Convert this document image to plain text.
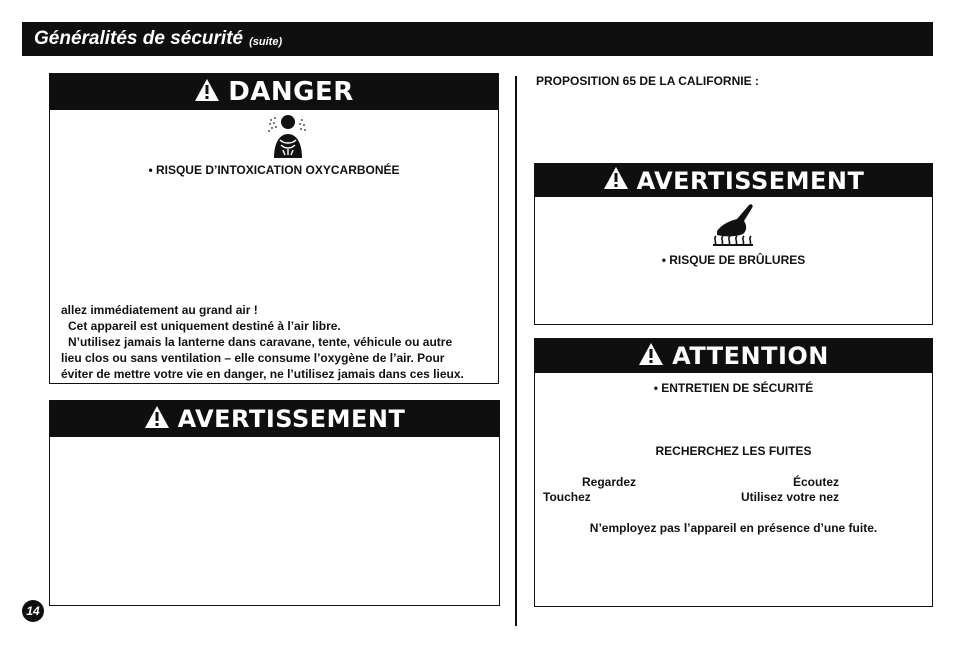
Généralités de sécurité (suite)
DANGER
• RISQUE D’INTOXICATION OXYCARBONÉE
allez immédiatement au grand air !
Cet appareil est uniquement destiné à l’air libre.
N’utilisez jamais la lanterne dans caravane, tente, véhicule ou autre
lieu clos ou sans ventilation – elle consume l’oxygène de l’air. Pour
éviter de mettre votre vie en danger, ne l’utilisez jamais dans ces lieux.
AVERTISSEMENT
PROPOSITION 65 DE LA CALIFORNIE :
AVERTISSEMENT
• RISQUE DE BRÛLURES
ATTENTION
• ENTRETIEN DE SÉCURITÉ
RECHERCHEZ LES FUITES
Regardez	Écoutez
Touchez	Utilisez votre nez
N’employez pas l’appareil en présence d’une fuite.
14
